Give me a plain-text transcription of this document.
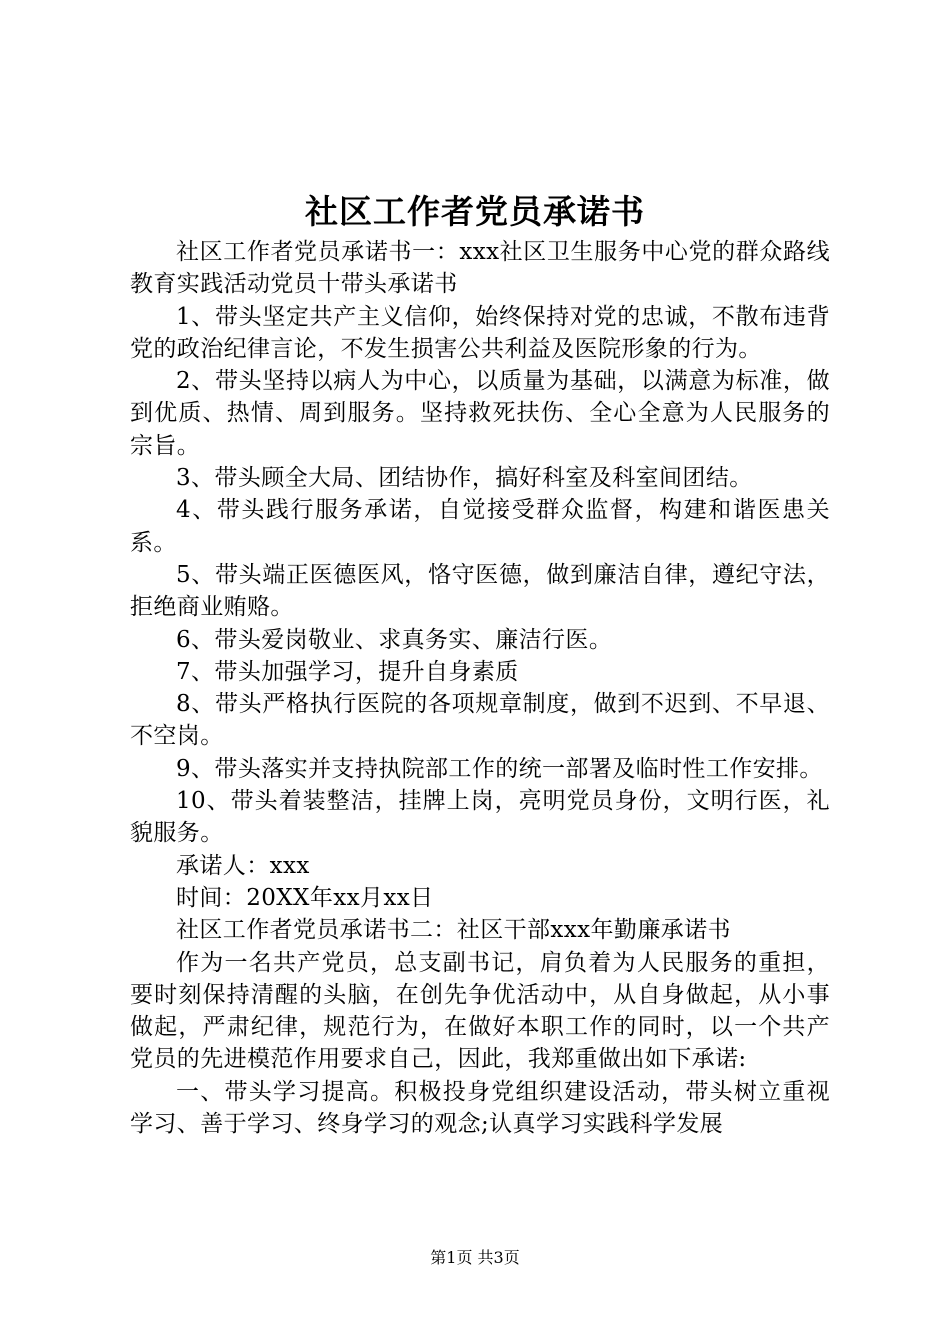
社区工作者党员承诺书

社区工作者党员承诺书一：xxx社区卫生服务中心党的群众路线教育实践活动党员十带头承诺书

1、带头坚定共产主义信仰，始终保持对党的忠诚，不散布违背党的政治纪律言论，不发生损害公共利益及医院形象的行为。

2、带头坚持以病人为中心，以质量为基础，以满意为标准，做到优质、热情、周到服务。坚持救死扶伤、全心全意为人民服务的宗旨。

3、带头顾全大局、团结协作，搞好科室及科室间团结。

4、带头践行服务承诺，自觉接受群众监督，构建和谐医患关系。

5、带头端正医德医风，恪守医德，做到廉洁自律，遵纪守法，拒绝商业贿赂。

6、带头爱岗敬业、求真务实、廉洁行医。

7、带头加强学习，提升自身素质

8、带头严格执行医院的各项规章制度，做到不迟到、不早退、不空岗。

9、带头落实并支持执院部工作的统一部署及临时性工作安排。

10、带头着装整洁，挂牌上岗，亮明党员身份，文明行医，礼貌服务。

承诺人：xxx

时间：20XX年xx月xx日

社区工作者党员承诺书二：社区干部xxx年勤廉承诺书

作为一名共产党员，总支副书记，肩负着为人民服务的重担，要时刻保持清醒的头脑，在创先争优活动中，从自身做起，从小事做起，严肃纪律，规范行为，在做好本职工作的同时，以一个共产党员的先进模范作用要求自己，因此，我郑重做出如下承诺:

一、带头学习提高。积极投身党组织建设活动，带头树立重视学习、善于学习、终身学习的观念;认真学习实践科学发展

第1页 共3页
